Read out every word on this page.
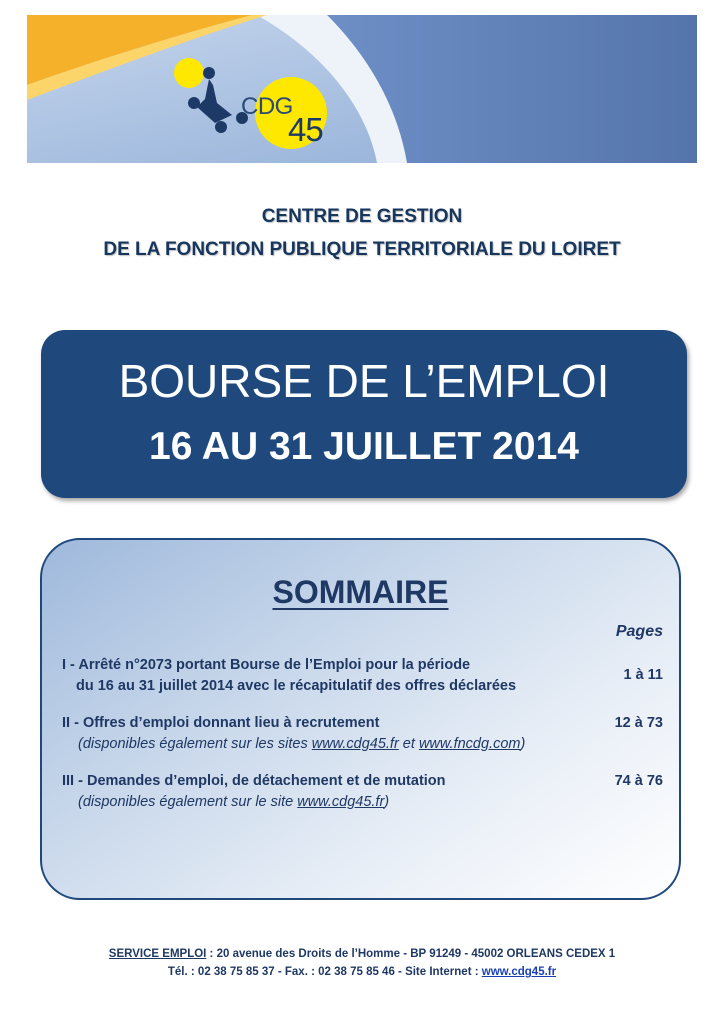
CDG
45
CENTRE DE GESTION
DE LA FONCTION PUBLIQUE TERRITORIALE DU LOIRET
BOURSE DE L’EMPLOI
16 AU 31 JUILLET 2014
SOMMAIRE
Pages
I - Arrêté n°2073 portant Bourse de l’Emploi pour la période
du 16 au 31 juillet 2014 avec le récapitulatif des offres déclarées
1 à 11
II - Offres d’emploi donnant lieu à recrutement
(disponibles également sur les sites www.cdg45.fr et www.fncdg.com)
12 à 73
III - Demandes d’emploi, de détachement et de mutation
(disponibles également sur le site www.cdg45.fr)
74 à 76
SERVICE EMPLOI : 20 avenue des Droits de l’Homme - BP 91249 - 45002 ORLEANS CEDEX 1
Tél. : 02 38 75 85 37 - Fax. : 02 38 75 85 46 - Site Internet : www.cdg45.fr
